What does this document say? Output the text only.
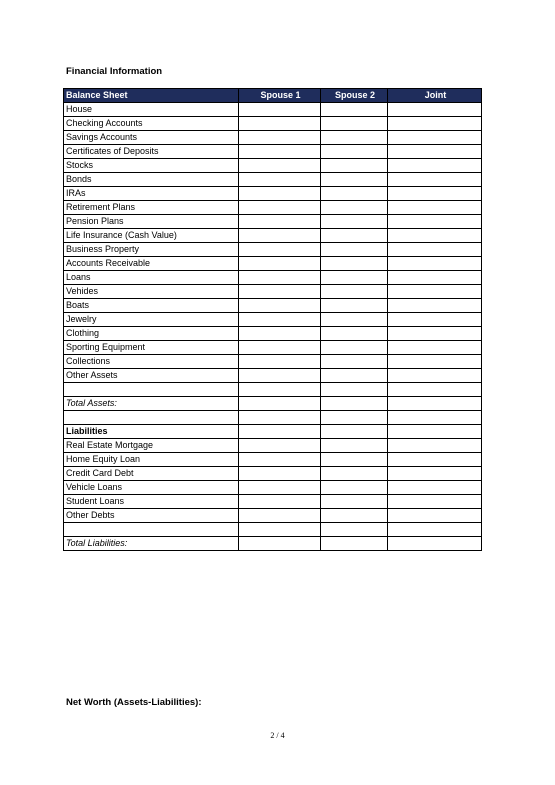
Financial Information
Balance Sheet	Spouse 1	Spouse 2	Joint
House			
Checking Accounts			
Savings Accounts			
Certificates of Deposits			
Stocks			
Bonds			
IRAs			
Retirement Plans			
Pension Plans			
Life Insurance (Cash Value)			
Business Property			
Accounts Receivable			
Loans			
Vehides			
Boats			
Jewelry			
Clothing			
Sporting Equipment			
Collections			
Other Assets			

Total Assets:			

Liabilities			
Real Estate Mortgage			
Home Equity Loan			
Credit Card Debt			
Vehicle Loans			
Student Loans			
Other Debts			

Total Liabilities:			
Net Worth (Assets-Liabilities):
2 / 4
